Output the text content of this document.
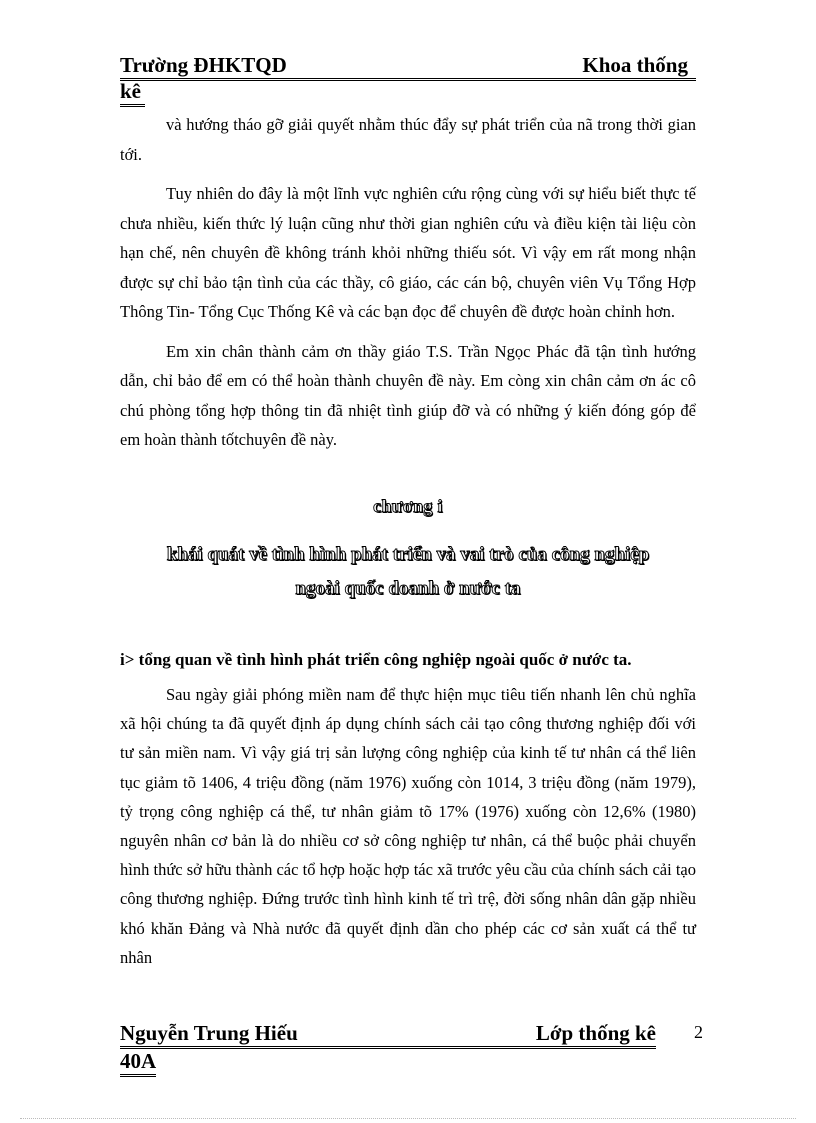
Trường ĐHKTQD	Khoa thống
kê

và hướng tháo gỡ giải quyết nhằm thúc đẩy sự phát triển của nã trong thời gian tới.

Tuy nhiên do đây là một lĩnh vực nghiên cứu rộng cùng với sự hiểu biết thực tế chưa nhiều, kiến thức lý luận cũng như thời gian nghiên cứu và điều kiện tài liệu còn hạn chế, nên chuyên đề không tránh khỏi những thiếu sót. Vì vậy em rất mong nhận được sự chỉ bảo tận tình của các thầy, cô giáo, các cán bộ, chuyên viên Vụ Tổng Hợp Thông Tin- Tổng Cục Thống Kê và các bạn đọc để chuyên đề được hoàn chỉnh hơn.

Em xin chân thành cảm ơn thầy giáo T.S. Trần Ngọc Phác đã tận tình hướng dẫn, chỉ bảo để em có thể hoàn thành chuyên đề này. Em còng xin chân cảm ơn ác cô chú phòng tổng hợp thông tin đã nhiệt tình giúp đỡ và có những ý kiến đóng góp để em hoàn thành tốtchuyên đề này.

chương i
khái quát về tình hình phát triển và vai trò của công nghiệp
ngoài quốc doanh ở nước ta
i> tổng quan về tình hình phát triển công nghiệp ngoài quốc ở nước ta.

Sau ngày giải phóng miền nam để thực hiện mục tiêu tiến nhanh lên chủ nghĩa xã hội chúng ta đã quyết định áp dụng chính sách cải tạo công thương nghiệp đối với tư sản miền nam. Vì vậy giá trị sản lượng công nghiệp của kinh tế tư nhân cá thể liên tục giảm tõ 1406, 4 triệu đồng (năm 1976) xuống còn 1014, 3 triệu đồng (năm 1979), tỷ trọng công nghiệp cá thể, tư nhân giảm tõ 17% (1976) xuống còn 12,6% (1980) nguyên nhân cơ bản là do nhiều cơ sở công nghiệp tư nhân, cá thể buộc phải chuyển hình thức sở hữu thành các tổ hợp hoặc hợp tác xã trước yêu cầu của chính sách cải tạo công thương nghiệp. Đứng trước tình hình kinh tế trì trệ, đời sống nhân dân gặp nhiều khó khăn Đảng và Nhà nước đã quyết định dần cho phép các cơ sản xuất cá thể tư nhân

Nguyễn Trung Hiếu	Lớp thống kê
40A
2
